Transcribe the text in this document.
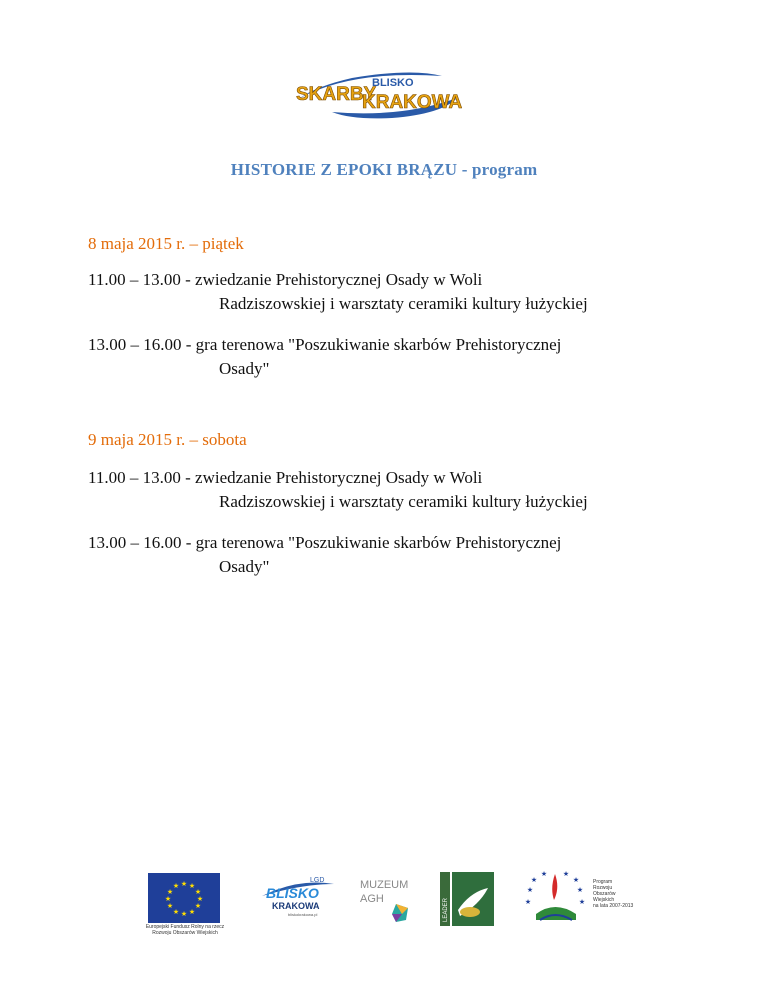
SKARBY
BLISKO
KRAKOWA
HISTORIE Z EPOKI BRĄZU - program
8 maja 2015 r. – piątek
11.00 – 13.00 - zwiedzanie Prehistorycznej Osady w Woli
Radziszowskiej i warsztaty ceramiki kultury łużyckiej
13.00 – 16.00 - gra terenowa "Poszukiwanie skarbów Prehistorycznej
Osady"
9 maja 2015 r. – sobota
11.00 – 13.00 - zwiedzanie Prehistorycznej Osady w Woli
Radziszowskiej i warsztaty ceramiki kultury łużyckiej
13.00 – 16.00 - gra terenowa "Poszukiwanie skarbów Prehistorycznej
Osady"
★ ★
★
★
★
★
★
★
★
★
★
★
Europejski Fundusz Rolny na rzecz
Rozwoju Obszarów Wiejskich
LGD
BLISKO
KRAKOWA
bliskokrakowa.pl
MUZEUM
AGH	LEADER
★
★
★ ★
★
★
★	★
Program
Rozwoju
Obszarów
Wiejskich
na lata 2007-2013
